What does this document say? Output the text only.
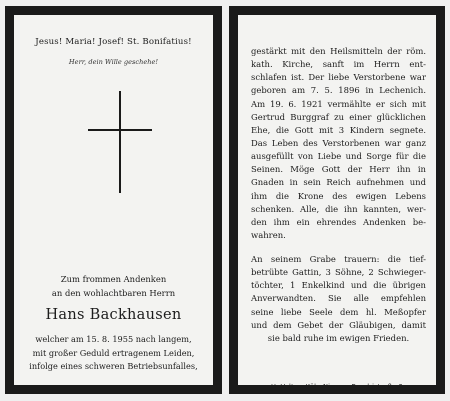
Jesus! Maria! Josef! St. Bonifatius!
Herr, dein Wille geschehe!
Zum frommen Andenken
an den wohlachtbaren Herrn
Hans Backhausen
welcher am 15. 8. 1955 nach langem,
mit großer Geduld ertragenem Leiden,
infolge eines schweren Betriebsunfalles,
gestärkt mit den Heilsmitteln der röm.
kath. Kirche, sanft im Herrn ent-
schlafen ist. Der liebe Verstorbene war
geboren am 7. 5. 1896 in Lechenich.
Am 19. 6. 1921 vermählte er sich mit
Gertrud Burggraf zu einer glücklichen
Ehe, die Gott mit 3 Kindern segnete.
Das Leben des Verstorbenen war ganz
ausgefüllt von Liebe und Sorge für die
Seinen. Möge Gott der Herr ihn in
Gnaden in sein Reich aufnehmen und
ihm die Krone des ewigen Lebens
schenken. Alle, die ihn kannten, wer-
den ihm ein ehrendes Andenken be-
wahren.
An seinem Grabe trauern: die tief-
betrübte Gattin, 3 Söhne, 2 Schwieger-
töchter, 1 Enkelkind und die übrigen
Anverwandten. Sie alle empfehlen
seine liebe Seele dem hl. Meßopfer
und dem Gebet der Gläubigen, damit
sie bald ruhe im ewigen Frieden.
H. Velter, Köln-Nippes, Baudristraße 2
